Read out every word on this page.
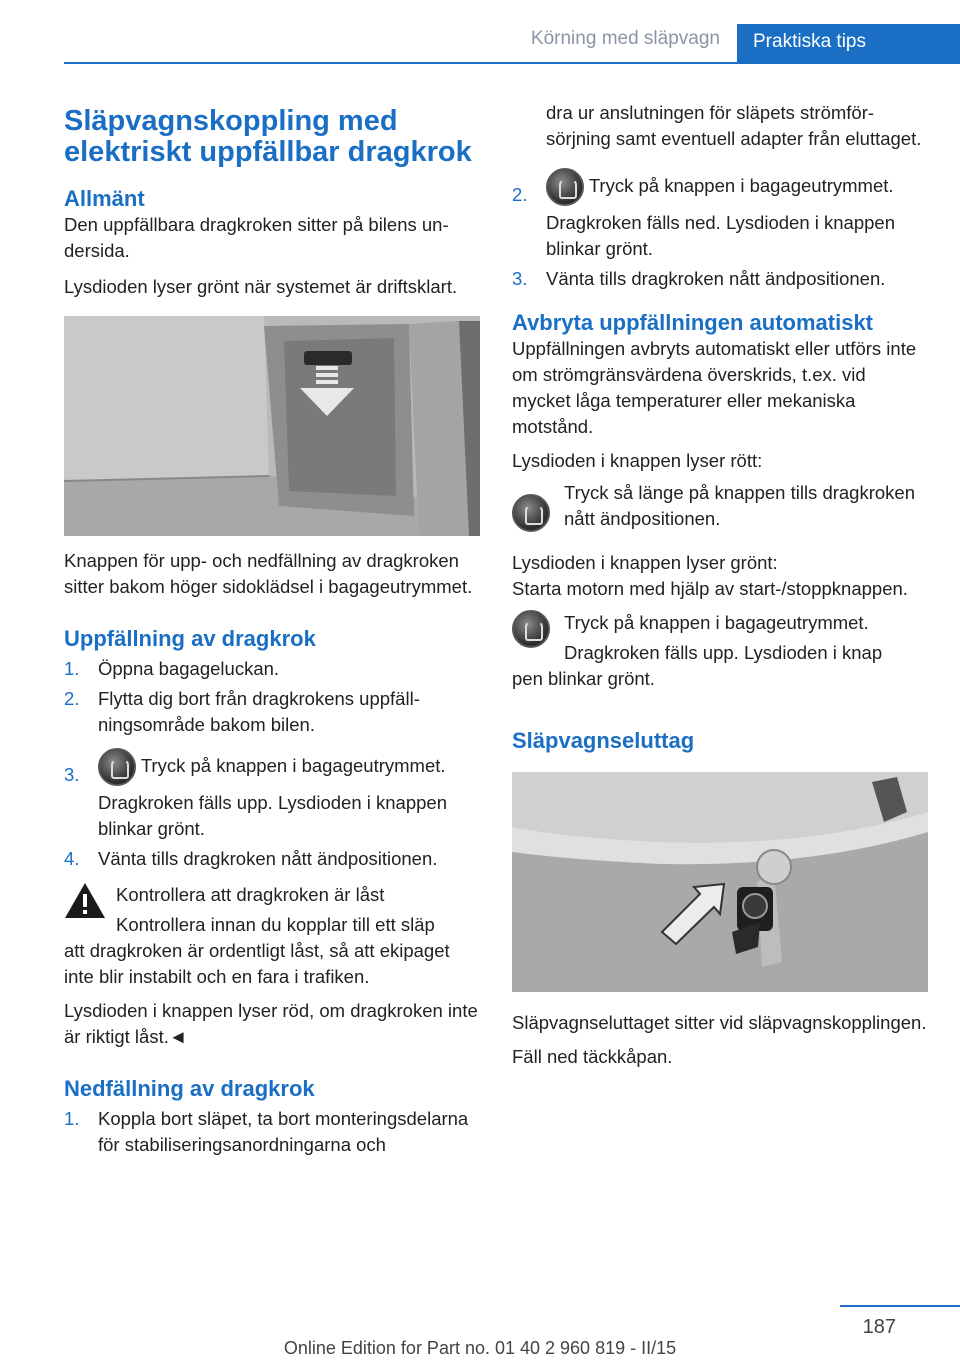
Körning med släpvagn	Praktiska tips
Släpvagnskoppling med elektriskt uppfällbar dragkrok
Allmänt

Den uppfällbara dragkroken sitter på bilens undersida.

Lysdioden lyser grönt när systemet är driftsklart.

Knappen för upp- och nedfällning av dragkroken sitter bakom höger sidoklädsel i bagageutrymmet.

Uppfällning av dragkrok
1. Öppna bagageluckan.
2. Flytta dig bort från dragkrokens uppfällningsområde bakom bilen.
3.	Tryck på knappen i bagageutrymmet.
Dragkroken fälls upp. Lysdioden i knappen blinkar grönt.
4. Vänta tills dragkroken nått ändpositionen.
Kontrollera att dragkroken är låst
Kontrollera innan du kopplar till ett släp
att dragkroken är ordentligt låst, så att ekipaget inte blir instabilt och en fara i trafiken.

Lysdioden i knappen lyser röd, om dragkroken inte är riktigt låst.◄

Nedfällning av dragkrok
1. Koppla bort släpet, ta bort monteringsdelarna för stabiliseringsanordningarna och
dra ur anslutningen för släpets strömförsörjning samt eventuell adapter från eluttaget.
2.	Tryck på knappen i bagageutrymmet.
Dragkroken fälls ned. Lysdioden i knappen blinkar grönt.
3. Vänta tills dragkroken nått ändpositionen.
Avbryta uppfällningen automatiskt

Uppfällningen avbryts automatiskt eller utförs inte om strömgränsvärdena överskrids, t.ex. vid mycket låga temperaturer eller mekaniska motstånd.

Lysdioden i knappen lyser rött:

Tryck så länge på knappen tills dragkroken nått ändpositionen.

Lysdioden i knappen lyser grönt:

Starta motorn med hjälp av start-/stoppknappen.

Tryck på knappen i bagageutrymmet.
Dragkroken fälls upp. Lysdioden i knap
pen blinkar grönt.
Släpvagnseluttag

Släpvagnseluttaget sitter vid släpvagnskopplingen.

Fäll ned täckkåpan.

187
Online Edition for Part no. 01 40 2 960 819 - II/15
